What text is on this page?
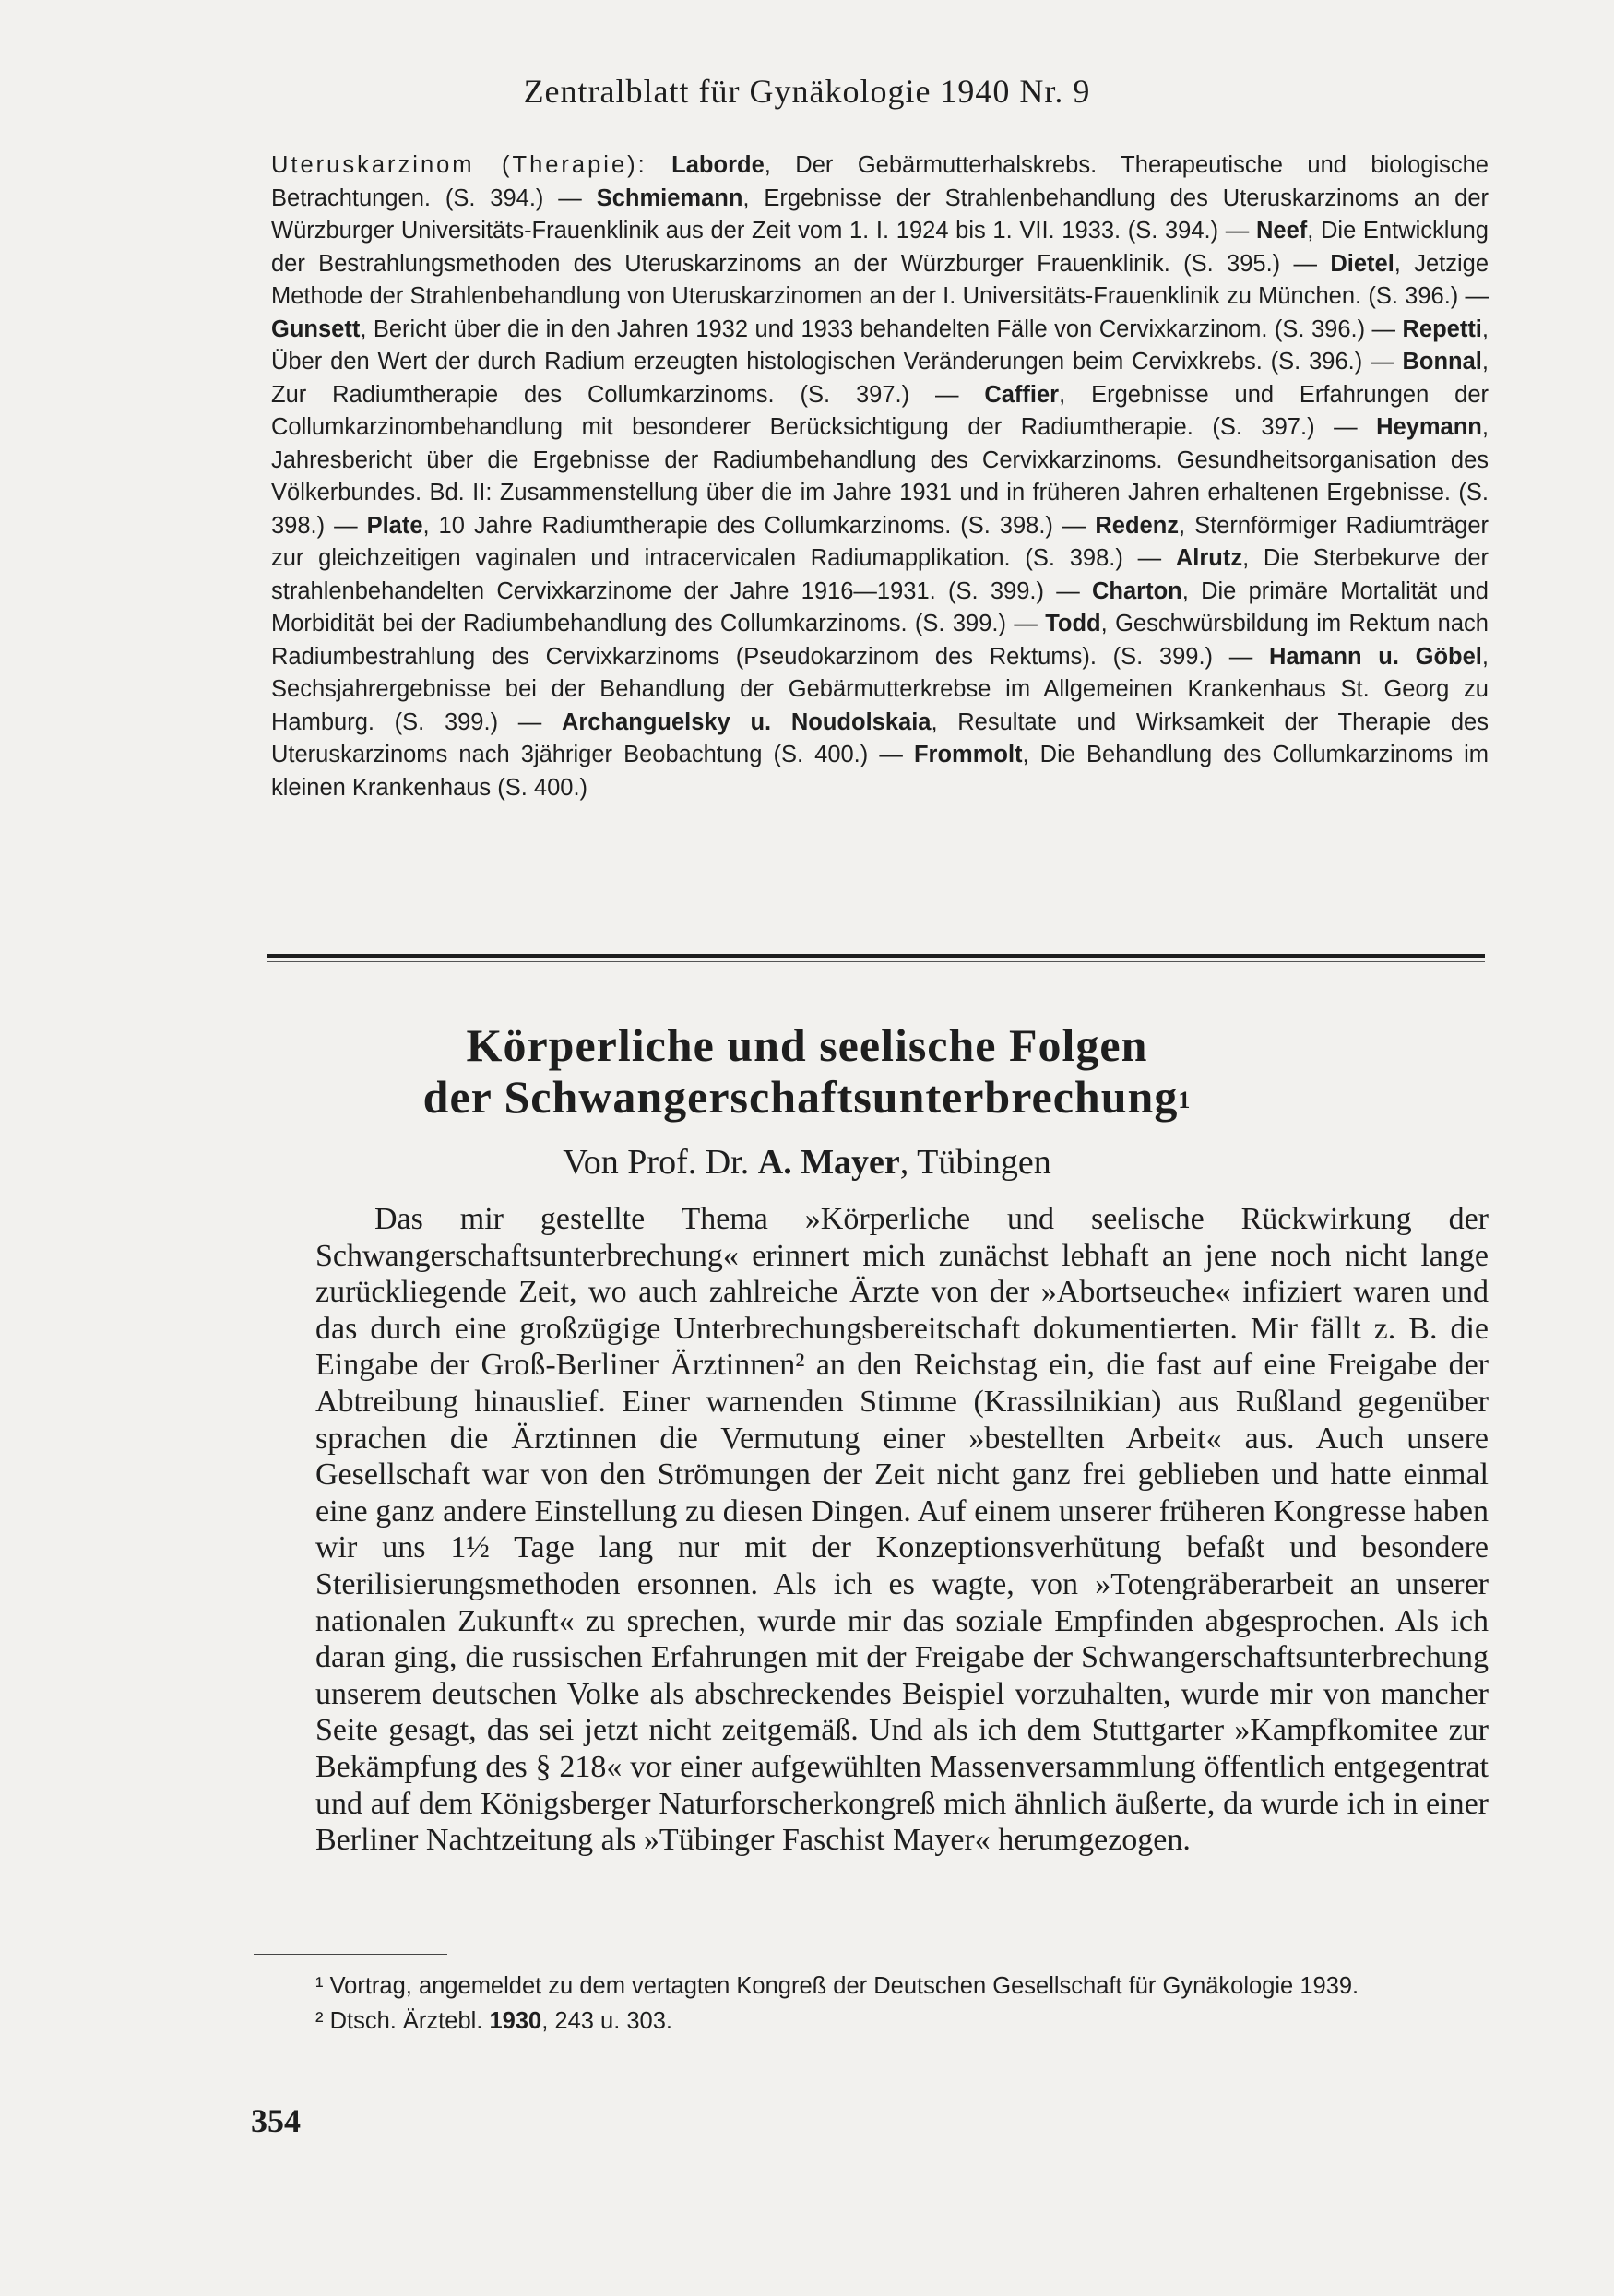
Zentralblatt für Gynäkologie 1940 Nr. 9
Uteruskarzinom (Therapie): Laborde, Der Gebärmutterhalskrebs. Therapeutische und biologische Betrachtungen. (S. 394.) — Schmiemann, Ergebnisse der Strahlenbehandlung des Uteruskarzinoms an der Würzburger Universitäts-Frauenklinik aus der Zeit vom 1. I. 1924 bis 1. VII. 1933. (S. 394.) — Neef, Die Entwicklung der Bestrahlungsmethoden des Uteruskarzinoms an der Würzburger Frauenklinik. (S. 395.) — Dietel, Jetzige Methode der Strahlenbehandlung von Uteruskarzinomen an der I. Universitäts-Frauenklinik zu München. (S. 396.) — Gunsett, Bericht über die in den Jahren 1932 und 1933 behandelten Fälle von Cervixkarzinom. (S. 396.) — Repetti, Über den Wert der durch Radium erzeugten histologischen Veränderungen beim Cervixkrebs. (S. 396.) — Bonnal, Zur Radiumtherapie des Collumkarzinoms. (S. 397.) — Caffier, Ergebnisse und Erfahrungen der Collumkarzinombehandlung mit besonderer Berücksichtigung der Radiumtherapie. (S. 397.) — Heymann, Jahresbericht über die Ergebnisse der Radiumbehandlung des Cervixkarzinoms. Gesundheitsorganisation des Völkerbundes. Bd. II: Zusammenstellung über die im Jahre 1931 und in früheren Jahren erhaltenen Ergebnisse. (S. 398.) — Plate, 10 Jahre Radiumtherapie des Collumkarzinoms. (S. 398.) — Redenz, Sternförmiger Radiumträger zur gleichzeitigen vaginalen und intracervicalen Radiumapplikation. (S. 398.) — Alrutz, Die Sterbekurve der strahlenbehandelten Cervixkarzinome der Jahre 1916—1931. (S. 399.) — Charton, Die primäre Mortalität und Morbidität bei der Radiumbehandlung des Collumkarzinoms. (S. 399.) — Todd, Geschwürsbildung im Rektum nach Radiumbestrahlung des Cervixkarzinoms (Pseudokarzinom des Rektums). (S. 399.) — Hamann u. Göbel, Sechsjahrergebnisse bei der Behandlung der Gebärmutterkrebse im Allgemeinen Krankenhaus St. Georg zu Hamburg. (S. 399.) — Archanguelsky u. Noudolskaia, Resultate und Wirksamkeit der Therapie des Uteruskarzinoms nach 3jähriger Beobachtung (S. 400.) — Frommolt, Die Behandlung des Collumkarzinoms im kleinen Krankenhaus (S. 400.)
Körperliche und seelische Folgen
der Schwangerschaftsunterbrechung$^1$
Von Prof. Dr. A. Mayer, Tübingen

Das mir gestellte Thema »Körperliche und seelische Rückwirkung der Schwangerschaftsunterbrechung« erinnert mich zunächst lebhaft an jene noch nicht lange zurückliegende Zeit, wo auch zahlreiche Ärzte von der »Abortseuche« infiziert waren und das durch eine großzügige Unterbrechungsbereitschaft dokumentierten. Mir fällt z. B. die Eingabe der Groß-Berliner Ärztinnen² an den Reichstag ein, die fast auf eine Freigabe der Abtreibung hinauslief. Einer warnenden Stimme (Krassilnikian) aus Rußland gegenüber sprachen die Ärztinnen die Vermutung einer »bestellten Arbeit« aus. Auch unsere Gesellschaft war von den Strömungen der Zeit nicht ganz frei geblieben und hatte einmal eine ganz andere Einstellung zu diesen Dingen. Auf einem unserer früheren Kongresse haben wir uns 1½ Tage lang nur mit der Konzeptionsverhütung befaßt und besondere Sterilisierungsmethoden ersonnen. Als ich es wagte, von »Totengräberarbeit an unserer nationalen Zukunft« zu sprechen, wurde mir das soziale Empfinden abgesprochen. Als ich daran ging, die russischen Erfahrungen mit der Freigabe der Schwangerschaftsunterbrechung unserem deutschen Volke als abschreckendes Beispiel vorzuhalten, wurde mir von mancher Seite gesagt, das sei jetzt nicht zeitgemäß. Und als ich dem Stuttgarter »Kampfkomitee zur Bekämpfung des § 218« vor einer aufgewühlten Massenversammlung öffentlich entgegentrat und auf dem Königsberger Naturforscherkongreß mich ähnlich äußerte, da wurde ich in einer Berliner Nachtzeitung als »Tübinger Faschist Mayer« herumgezogen.

¹ Vortrag, angemeldet zu dem vertagten Kongreß der Deutschen Gesellschaft für Gynäkologie 1939.

² Dtsch. Ärztebl. 1930, 243 u. 303.

354
